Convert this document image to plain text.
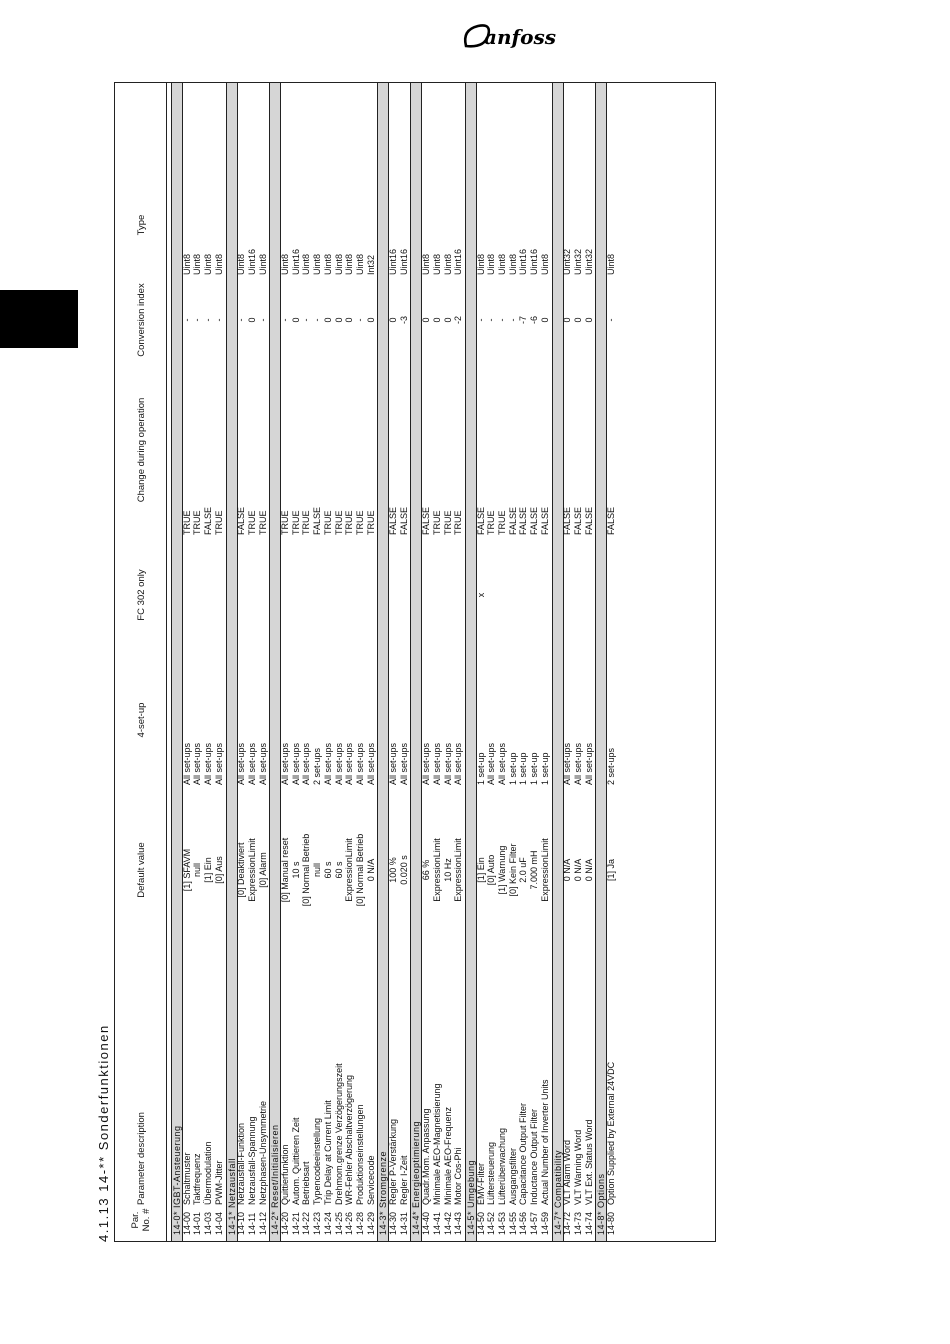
anfoss
4.1.13 14-** Sonderfunktionen	Par. No. #
Parameter description
Default value
4-set-up
FC 302 only
Change during operation
Conversion index
Type
14-0* IGBT-Ansteuerung 14-00
Schaltmuster
[1] SFAVM
All set-ups
TRUE
-
Uint8
14-01
Taktfrequenz
null
All set-ups
TRUE
-
Uint8
14-03
Übermodulation
[1] Ein
All set-ups
FALSE
-
Uint8
14-04
PWM-Jitter
[0] Aus
All set-ups
TRUE
-
Uint8
14-1* Netzausfall 14-10
Netzausfall-Funktion
[0] Deaktiviert
All set-ups
FALSE
-
Uint8
14-11
Netzausfall-Spannung
ExpressionLimit
All set-ups
TRUE
0
Uint16
14-12
Netzphasen-Unsymmetrie
[0] Alarm
All set-ups
TRUE
-
Uint8
14-2* Reset/Initialisieren 14-20
Quittierfunktion
[0] Manual reset
All set-ups
TRUE
-
Uint8
14-21
Autom. Quittieren Zeit
10 s
All set-ups
TRUE
0
Uint16
14-22
Betriebsart
[0] Normal Betrieb
All set-ups
TRUE
-
Uint8
14-23
Typencodeeinstellung
null
2 set-ups
FALSE
-
Uint8
14-24
Trip Delay at Current Limit
60 s
All set-ups
TRUE
0
Uint8
14-25
Drehmom.grenze Verzögerungszeit
60 s
All set-ups
TRUE
0
Uint8
14-26
WR-Fehler Abschaltverzögerung
ExpressionLimit
All set-ups
TRUE
0
Uint8
14-28
Produktionseinstellungen
[0] Normal Betrieb
All set-ups
TRUE
-
Uint8
14-29
Servicecode
0 N/A
All set-ups
TRUE
0
Int32
14-3* Stromgrenze 14-30
Regler P-Verstärkung
100 %
All set-ups
FALSE
0
Uint16
14-31
Regler I-Zeit
0.020 s
All set-ups
FALSE
-3
Uint16
14-4* Energieoptimierung 14-40
Quadr.Mom. Anpassung
66 %
All set-ups
FALSE
0
Uint8
14-41
Minimale AEO-Magnetisierung
ExpressionLimit
All set-ups
TRUE
0
Uint8
14-42
Minimale AEO-Frequenz
10 Hz
All set-ups
TRUE
0
Uint8
14-43
Motor Cos-Phi
ExpressionLimit
All set-ups
TRUE
-2
Uint16
14-5* Umgebung 14-50
EMV-Filter
[1] Ein
1 set-up
x
FALSE
-
Uint8
14-52
Lüftersteuerung
[0] Auto
All set-ups
TRUE
-
Uint8
14-53
Lüfterüberwachung
[1] Warnung
All set-ups
TRUE
-
Uint8
14-55
Ausgangsfilter
[0] Kein Filter
1 set-up
FALSE
-
Uint8
14-56
Capacitance Output Filter
2.0 uF
1 set-up
FALSE
-7
Uint16
14-57
Inductance Output Filter
7.000 mH
1 set-up
FALSE
-6
Uint16
14-59
Actual Number of Inverter Units
ExpressionLimit
1 set-up
FALSE
0
Uint8
14-7* Compatibility 14-72
VLT Alarm Word
0 N/A
All set-ups
FALSE
0
Uint32
14-73
VLT Warning Word
0 N/A
All set-ups
FALSE
0
Uint32
14-74
VLT Ext. Status Word
0 N/A
All set-ups
FALSE
0
Uint32
14-8* Options 14-80
Option Supplied by External 24VDC
[1] Ja
2 set-ups
FALSE
-
Uint8
